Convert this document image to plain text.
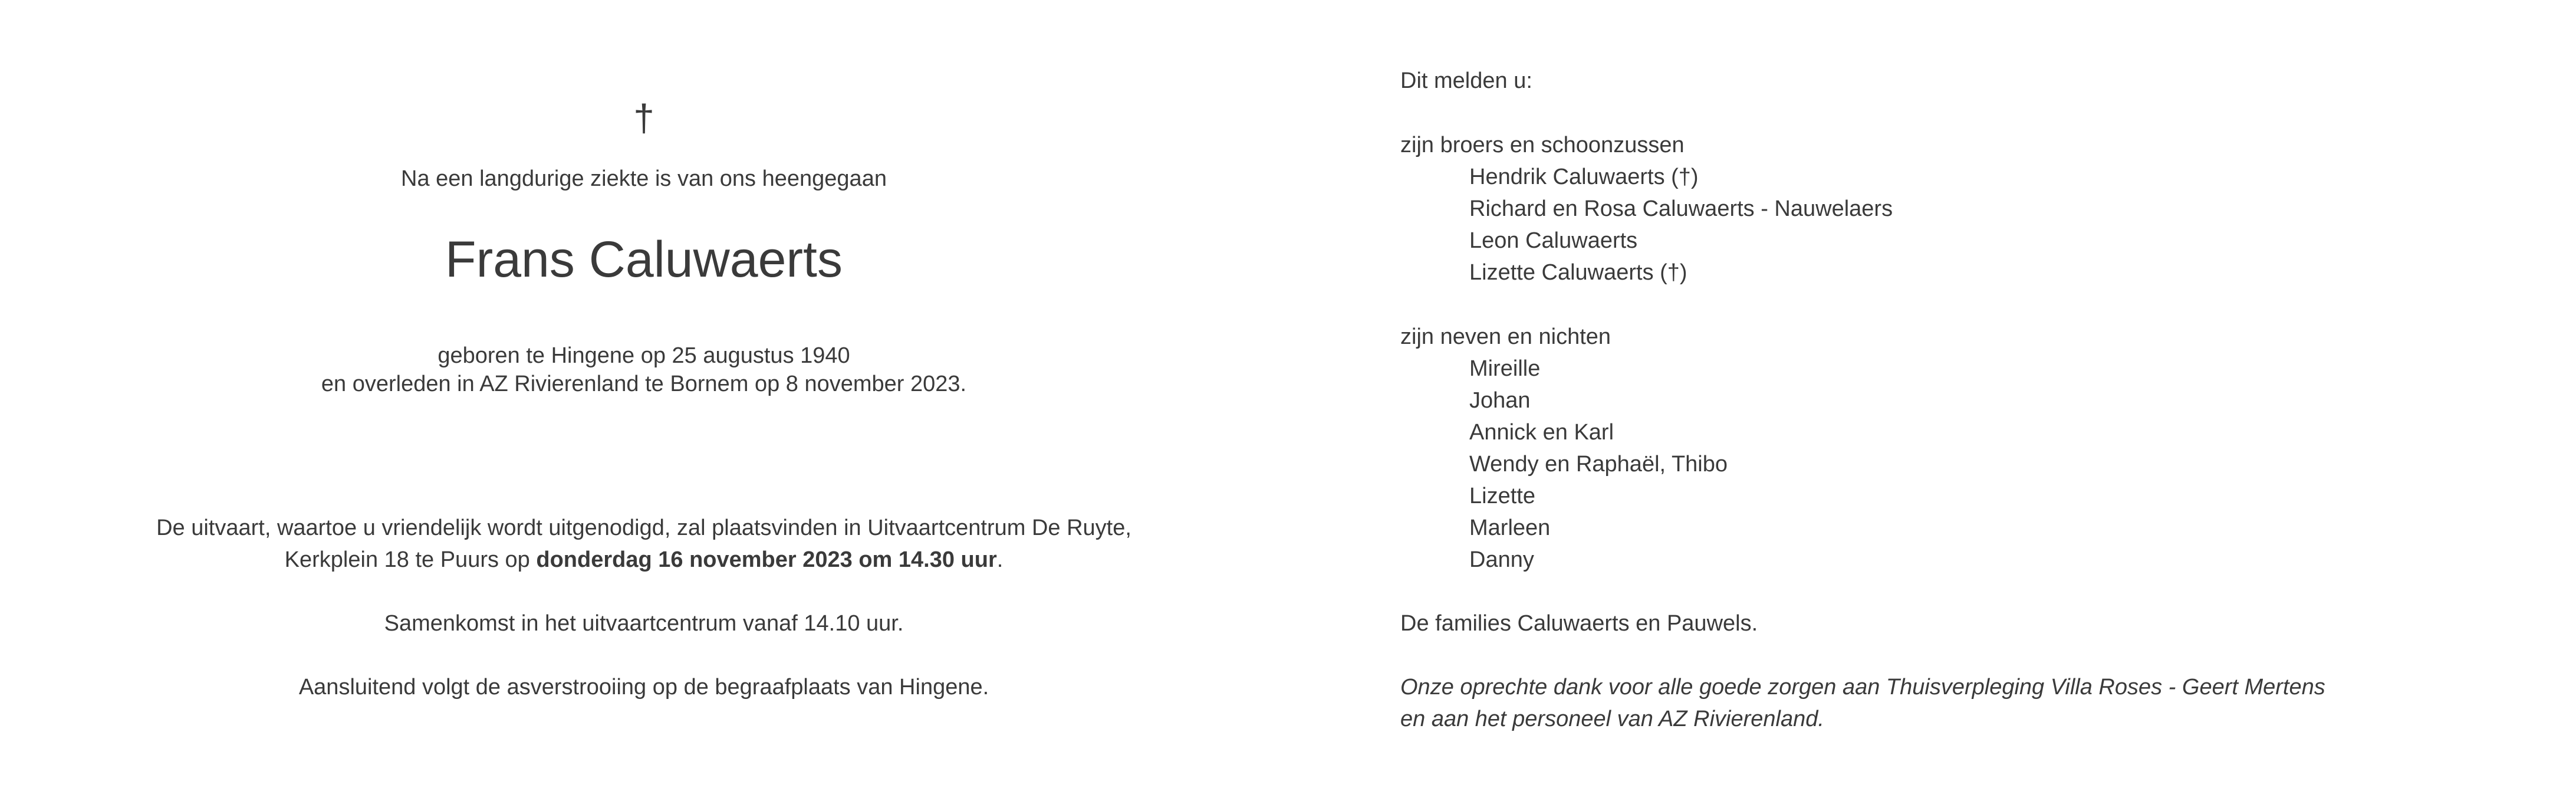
†
Na een langdurige ziekte is van ons heengegaan
Frans Caluwaerts
geboren te Hingene op 25 augustus 1940
en overleden in AZ Rivierenland te Bornem op 8 november 2023.
De uitvaart, waartoe u vriendelijk wordt uitgenodigd, zal plaatsvinden in Uitvaartcentrum De Ruyte,
Kerkplein 18 te Puurs op donderdag 16 november 2023 om 14.30 uur.
Samenkomst in het uitvaartcentrum vanaf 14.10 uur.
Aansluitend volgt de asverstrooiing op de begraafplaats van Hingene.
Dit melden u:
zijn broers en schoonzussen
Hendrik Caluwaerts (†)
Richard en Rosa Caluwaerts - Nauwelaers
Leon Caluwaerts
Lizette Caluwaerts (†)
zijn neven en nichten
Mireille
Johan
Annick en Karl
Wendy en Raphaël, Thibo
Lizette
Marleen
Danny
De families Caluwaerts en Pauwels.
Onze oprechte dank voor alle goede zorgen aan Thuisverpleging Villa Roses - Geert Mertens
en aan het personeel van AZ Rivierenland.
